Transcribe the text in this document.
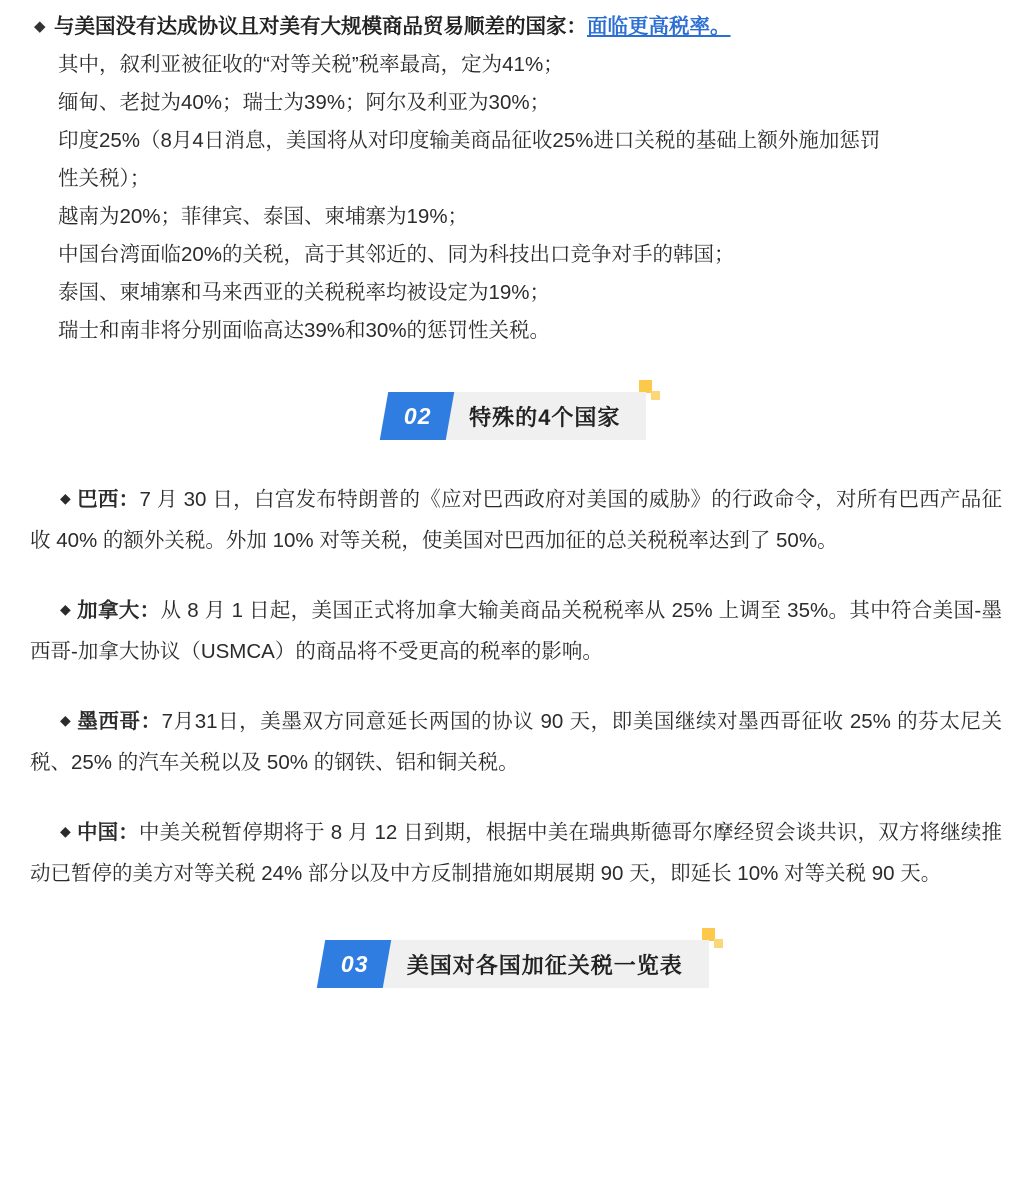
◆ 与美国没有达成协议且对美有大规模商品贸易顺差的国家：面临更高税率。
其中，叙利亚被征收的“对等关税”税率最高，定为41%；
缅甸、老挝为40%；瑞士为39%；阿尔及利亚为30%；
印度25%（8月4日消息，美国将从对印度输美商品征收25%进口关税的基础上额外施加惩罚
性关税）；
越南为20%；菲律宾、泰国、柬埔寨为19%；
中国台湾面临20%的关税，高于其邻近的、同为科技出口竞争对手的韩国；
泰国、柬埔寨和马来西亚的关税税率均被设定为19%；
瑞士和南非将分别面临高达39%和30%的惩罚性关税。
02	特殊的4个国家

◆ 巴西：7 月 30 日，白宫发布特朗普的《应对巴西政府对美国的威胁》的行政命令，对所有巴西产品征收 40% 的额外关税。外加 10% 对等关税，使美国对巴西加征的总关税税率达到了 50%。

◆ 加拿大：从 8 月 1 日起，美国正式将加拿大输美商品关税税率从 25% 上调至 35%。其中符合美国-墨西哥-加拿大协议（USMCA）的商品将不受更高的税率的影响。

◆ 墨西哥：7月31日，美墨双方同意延长两国的协议 90 天，即美国继续对墨西哥征收 25% 的芬太尼关税、25% 的汽车关税以及 50% 的钢铁、铝和铜关税。

◆ 中国：中美关税暂停期将于 8 月 12 日到期，根据中美在瑞典斯德哥尔摩经贸会谈共识，双方将继续推动已暂停的美方对等关税 24% 部分以及中方反制措施如期展期 90 天，即延长 10% 对等关税 90 天。

03	美国对各国加征关税一览表
